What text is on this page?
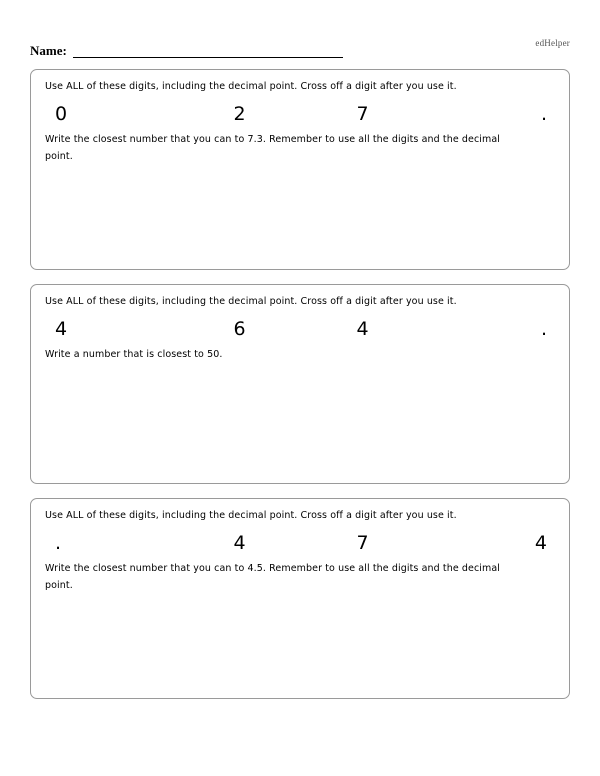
edHelper
Name:

Use ALL of these digits, including the decimal point. Cross off a digit after you use it.

0	2	7	.

Write the closest number that you can to 7.3. Remember to use all the digits and the decimal point.

Use ALL of these digits, including the decimal point. Cross off a digit after you use it.

4	6	4	.

Write a number that is closest to 50.

Use ALL of these digits, including the decimal point. Cross off a digit after you use it.

.	4	7	4

Write the closest number that you can to 4.5. Remember to use all the digits and the decimal point.
